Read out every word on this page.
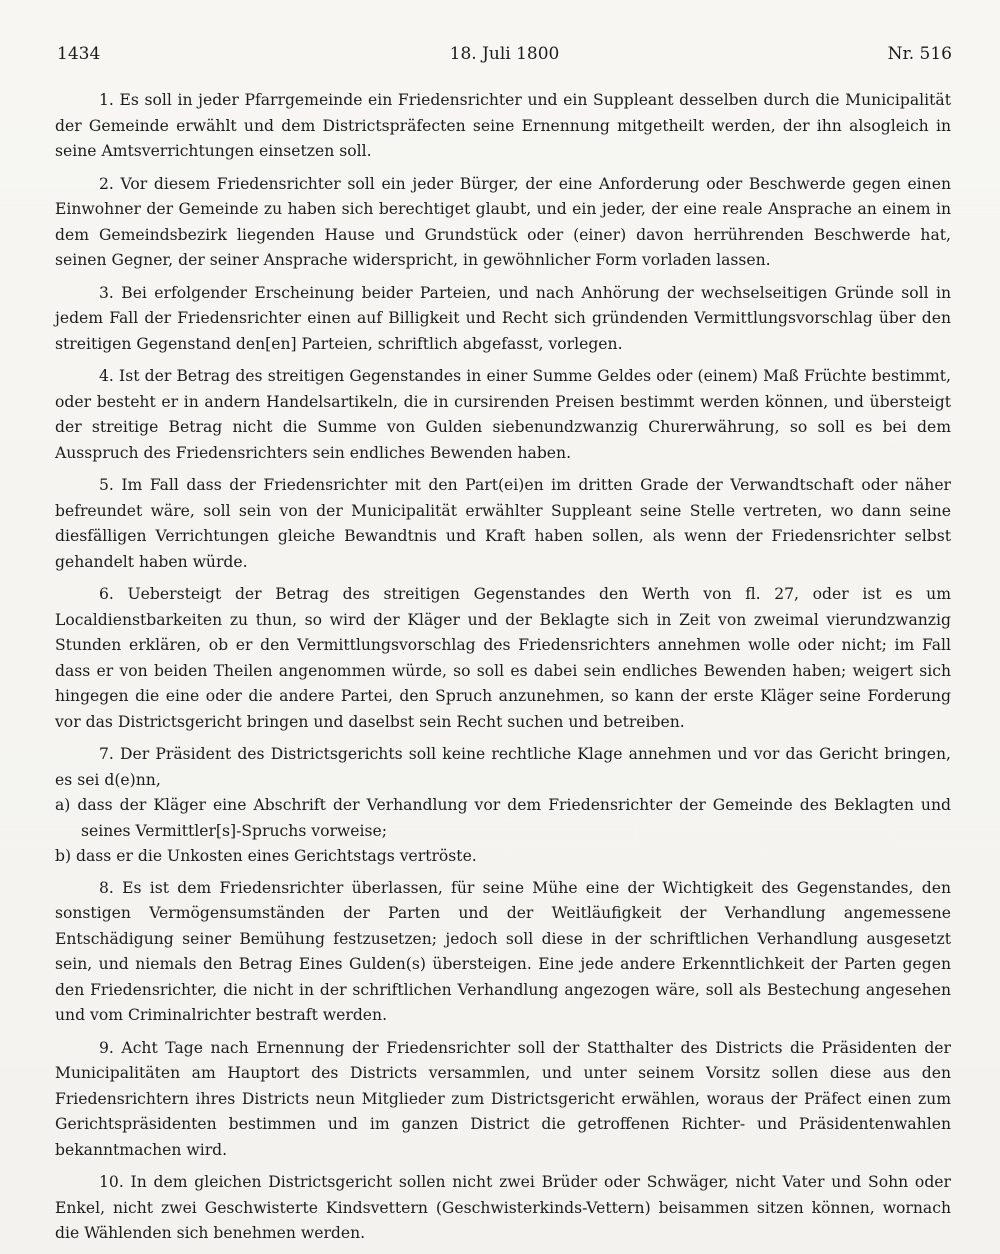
1434	18. Juli 1800	Nr. 516

1. Es soll in jeder Pfarrgemeinde ein Friedensrichter und ein Suppleant desselben durch die Municipalität der Gemeinde erwählt und dem Districtspräfecten seine Ernennung mitgetheilt werden, der ihn alsogleich in seine Amtsverrichtungen einsetzen soll.

2. Vor diesem Friedensrichter soll ein jeder Bürger, der eine Anforderung oder Beschwerde gegen einen Einwohner der Gemeinde zu haben sich berechtiget glaubt, und ein jeder, der eine reale Ansprache an einem in dem Gemeindsbezirk liegenden Hause und Grundstück oder (einer) davon herrührenden Beschwerde hat, seinen Gegner, der seiner Ansprache widerspricht, in gewöhnlicher Form vorladen lassen.

3. Bei erfolgender Erscheinung beider Parteien, und nach Anhörung der wechselseitigen Gründe soll in jedem Fall der Friedensrichter einen auf Billigkeit und Recht sich gründenden Vermittlungsvorschlag über den streitigen Gegenstand den[en] Parteien, schriftlich abgefasst, vorlegen.

4. Ist der Betrag des streitigen Gegenstandes in einer Summe Geldes oder (einem) Maß Früchte bestimmt, oder besteht er in andern Handelsartikeln, die in cursirenden Preisen bestimmt werden können, und übersteigt der streitige Betrag nicht die Summe von Gulden siebenundzwanzig Churerwährung, so soll es bei dem Ausspruch des Friedensrichters sein endliches Bewenden haben.

5. Im Fall dass der Friedensrichter mit den Part(ei)en im dritten Grade der Verwandtschaft oder näher befreundet wäre, soll sein von der Municipalität erwählter Suppleant seine Stelle vertreten, wo dann seine diesfälligen Verrichtungen gleiche Bewandtnis und Kraft haben sollen, als wenn der Friedensrichter selbst gehandelt haben würde.

6. Uebersteigt der Betrag des streitigen Gegenstandes den Werth von fl. 27, oder ist es um Localdienstbarkeiten zu thun, so wird der Kläger und der Beklagte sich in Zeit von zweimal vierundzwanzig Stunden erklären, ob er den Vermittlungsvorschlag des Friedensrichters annehmen wolle oder nicht; im Fall dass er von beiden Theilen angenommen würde, so soll es dabei sein endliches Bewenden haben; weigert sich hingegen die eine oder die andere Partei, den Spruch anzunehmen, so kann der erste Kläger seine Forderung vor das Districtsgericht bringen und daselbst sein Recht suchen und betreiben.

7. Der Präsident des Districtsgerichts soll keine rechtliche Klage annehmen und vor das Gericht bringen, es sei d(e)nn,

a) dass der Kläger eine Abschrift der Verhandlung vor dem Friedensrichter der Gemeinde des Beklagten und seines Vermittler[s]-Spruchs vorweise;

b) dass er die Unkosten eines Gerichtstags vertröste.

8. Es ist dem Friedensrichter überlassen, für seine Mühe eine der Wichtigkeit des Gegenstandes, den sonstigen Vermögensumständen der Parten und der Weitläufigkeit der Verhandlung angemessene Entschädigung seiner Bemühung festzusetzen; jedoch soll diese in der schriftlichen Verhandlung ausgesetzt sein, und niemals den Betrag Eines Gulden(s) übersteigen. Eine jede andere Erkenntlichkeit der Parten gegen den Friedensrichter, die nicht in der schriftlichen Verhandlung angezogen wäre, soll als Bestechung angesehen und vom Criminalrichter bestraft werden.

9. Acht Tage nach Ernennung der Friedensrichter soll der Statthalter des Districts die Präsidenten der Municipalitäten am Hauptort des Districts versammlen, und unter seinem Vorsitz sollen diese aus den Friedensrichtern ihres Districts neun Mitglieder zum Districtsgericht erwählen, woraus der Präfect einen zum Gerichtspräsidenten bestimmen und im ganzen District die getroffenen Richter- und Präsidentenwahlen bekanntmachen wird.

10. In dem gleichen Districtsgericht sollen nicht zwei Brüder oder Schwäger, nicht Vater und Sohn oder Enkel, nicht zwei Geschwisterte Kindsvettern (Geschwisterkinds-Vettern) beisammen sitzen können, wornach die Wählenden sich benehmen werden.
